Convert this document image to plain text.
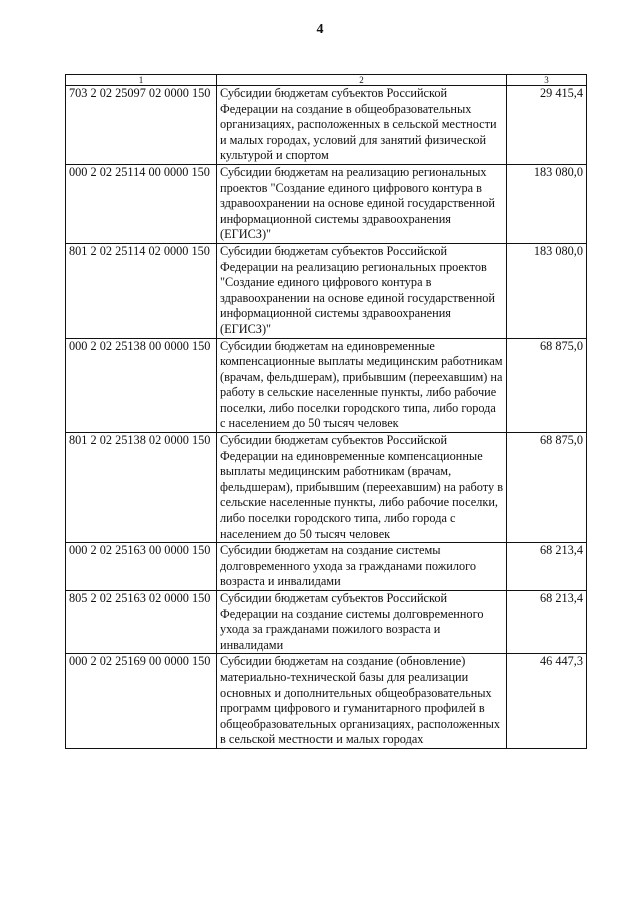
4
1	2	3
703 2 02 25097 02 0000 150	Субсидии бюджетам субъектов Российской Федерации на создание в общеобразовательных организациях, расположенных в сельской местности и малых городах, условий для занятий физической культурой и спортом	29 415,4
000 2 02 25114 00 0000 150	Субсидии бюджетам на реализацию региональных проектов "Создание единого цифрового контура в здравоохранении на основе единой государственной информационной системы здравоохранения (ЕГИСЗ)"	183 080,0
801 2 02 25114 02 0000 150	Субсидии бюджетам субъектов Российской Федерации на реализацию региональных проектов "Создание единого цифрового контура в здравоохранении на основе единой государственной информационной системы здравоохранения (ЕГИСЗ)"	183 080,0
000 2 02 25138 00 0000 150	Субсидии бюджетам на единовременные компенсационные выплаты медицинским работникам (врачам, фельдшерам), прибывшим (переехавшим) на работу в сельские населенные пункты, либо рабочие поселки, либо поселки городского типа, либо города с населением до 50 тысяч человек	68 875,0
801 2 02 25138 02 0000 150	Субсидии бюджетам субъектов Российской Федерации на единовременные компенсационные выплаты медицинским работникам (врачам, фельдшерам), прибывшим (переехавшим) на работу в сельские населенные пункты, либо рабочие поселки, либо поселки городского типа, либо города с населением до 50 тысяч человек	68 875,0
000 2 02 25163 00 0000 150	Субсидии бюджетам на создание системы долговременного ухода за гражданами пожилого возраста и инвалидами	68 213,4
805 2 02 25163 02 0000 150	Субсидии бюджетам субъектов Российской Федерации на создание системы долговременного ухода за гражданами пожилого возраста и инвалидами	68 213,4
000 2 02 25169 00 0000 150	Субсидии бюджетам на создание (обновление) материально-технической базы для реализации основных и дополнительных общеобразовательных программ цифрового и гуманитарного профилей в общеобразовательных организациях, расположенных в сельской местности и малых городах	46 447,3
